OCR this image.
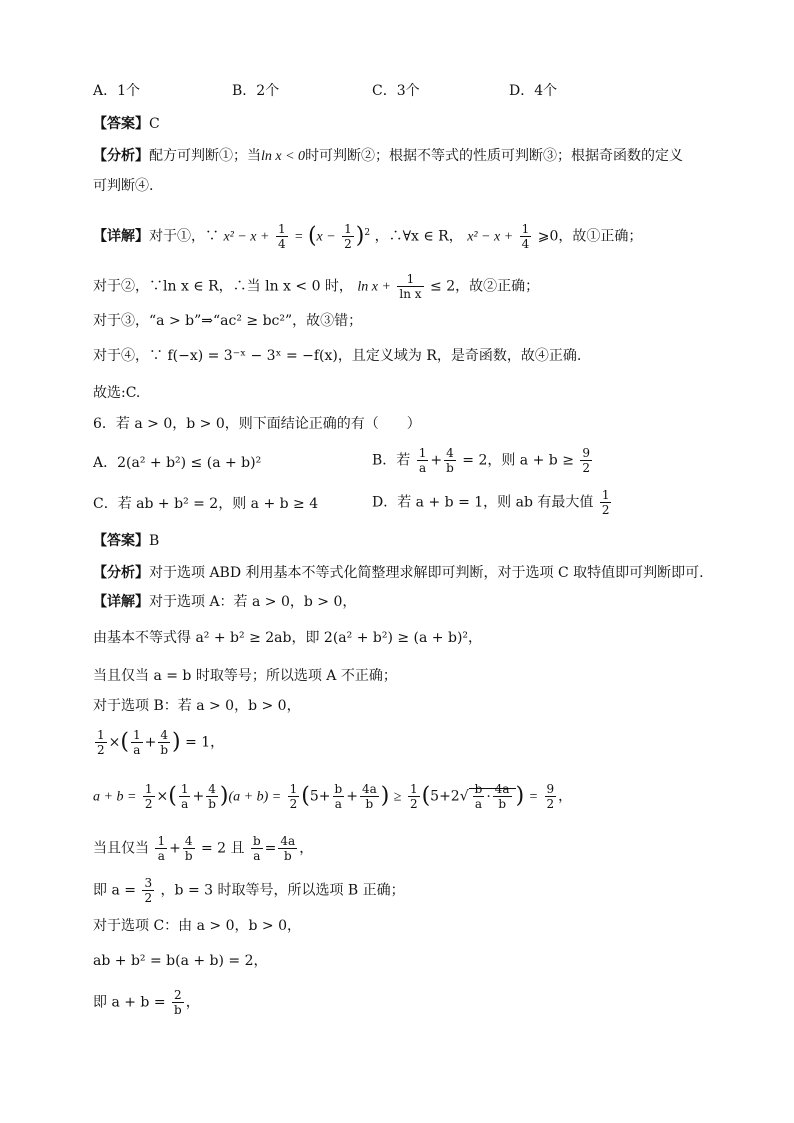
A．1个	B．2个	C．3个	D．4个
【答案】C
【分析】配方可判断①；当ln x < 0时可判断②；根据不等式的性质可判断③；根据奇函数的定义
可判断④.
【详解】对于①，∵ $x^2 - x + \frac{1}{4} = (x - \frac{1}{2} )^2$ ，∴∀x ∈ R， $x^2 - x + \frac{1}{4}$ ⩾0，故①正确；
对于②，∵ln x ∈ R，∴当 ln x < 0 时， $\ln x + \frac{1}{\text{ln x}} \le 2$，故②正确；
对于③，“a > b”⇒“ac² ≥ bc²”，故③错；
对于④，∵ f(−x) = 3⁻ˣ − 3ˣ = −f(x)，且定义域为 R，是奇函数，故④正确.
故选:C.
6．若 a > 0，b > 0，则下面结论正确的有（　　）
A．2(a² + b²) ≤ (a + b)²	B．若 $\frac{1}{a} + \frac{4}{b} = 2$，则 $a + b \ge \frac{9}{2}$
C．若 ab + b² = 2，则 a + b ≥ 4	D．若 a + b = 1，则 ab 有最大值 $\frac{1}{2}$
【答案】B
【分析】对于选项 ABD 利用基本不等式化简整理求解即可判断，对于选项 C 取特值即可判断即可.
【详解】对于选项 A：若 a > 0，b > 0，
由基本不等式得 a² + b² ≥ 2ab，即 2(a² + b²) ≥ (a + b)²，
当且仅当 a = b 时取等号；所以选项 A 不正确；
对于选项 B：若 a > 0，b > 0，
$\frac{1}{2}$ ×( $\frac{1}{a} + \frac{4}{b}$ ) = 1，
$a + b = \frac{1}{2}$ ×( $\frac{1}{a} + \frac{4}{b} )(a + b) = \frac{1}{2} (5+ \frac{b}{a} + \frac{4a}{b}$ ) ≥ $\frac{1}{2} (5+2√ \frac{b}{a} \cdot \frac{4a}{b}$ ) = $\frac{9}{2}$ ，
当且仅当 $\frac{1}{a} + \frac{4}{b} = 2$ 且 $\frac{b}{a} = \frac{4a}{b}$ ，
即 $a = \frac{3}{2}$ ，b = 3 时取等号，所以选项 B 正确；
对于选项 C：由 a > 0，b > 0，
ab + b² = b(a + b) = 2，
即 $a + b = \frac{2}{b}$ ，
